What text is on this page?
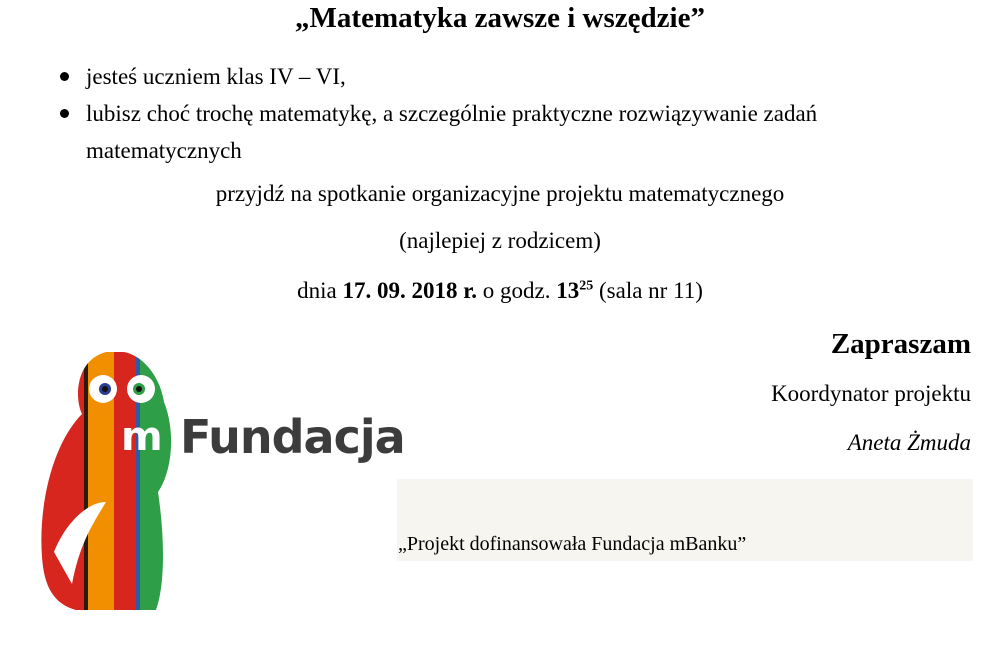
„Matematyka zawsze i wszędzie”
jesteś uczniem klas IV – VI,
lubisz choć trochę matematykę, a szczególnie praktyczne rozwiązywanie zadań matematycznych

przyjdź na spotkanie organizacyjne projektu matematycznego

(najlepiej z rodzicem)

dnia 17. 09. 2018 r. o godz. $13^{25}$ (sala nr 11)

Zapraszam

Koordynator projektu
Aneta Żmuda
„Projekt dofinansowała Fundacja mBanku”
m Fundacja
